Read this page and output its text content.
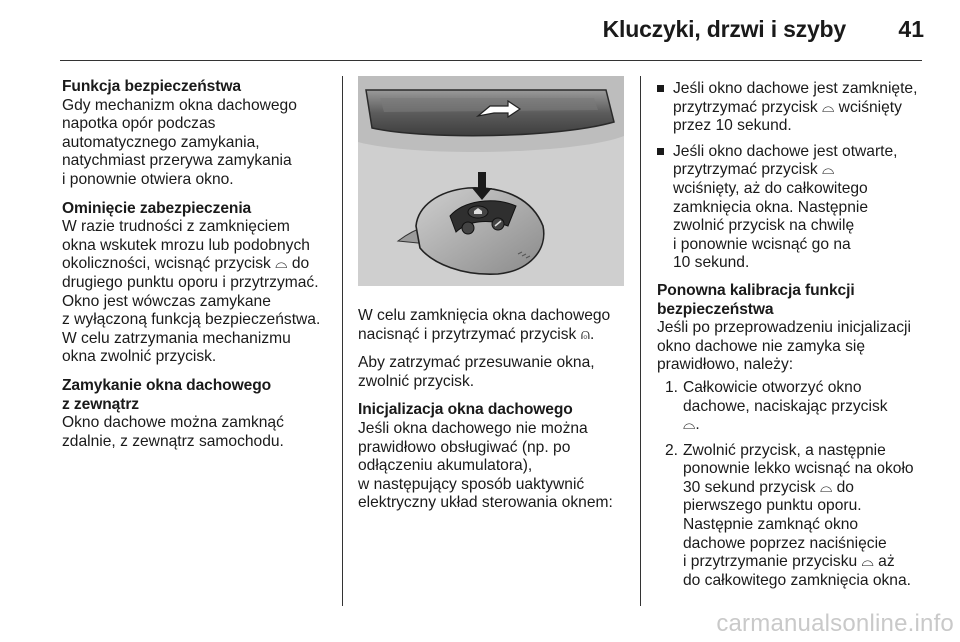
Kluczyki, drzwi i szyby 41
Funkcja bezpieczeństwa
Gdy mechanizm okna dachowego
napotka opór podczas
automatycznego zamykania,
natychmiast przerywa zamykania
i ponownie otwiera okno.
Ominięcie zabezpieczenia
W razie trudności z zamknięciem
okna wskutek mrozu lub podobnych
okoliczności, wcisnąć przycisk ⌓ do
drugiego punktu oporu i przytrzymać.
Okno jest wówczas zamykane
z wyłączoną funkcją bezpieczeństwa.
W celu zatrzymania mechanizmu
okna zwolnić przycisk.
Zamykanie okna dachowego
z zewnątrz
Okno dachowe można zamknąć
zdalnie, z zewnątrz samochodu.
W celu zamknięcia okna dachowego
nacisnąć i przytrzymać przycisk ⍝.
Aby zatrzymać przesuwanie okna,
zwolnić przycisk.
Inicjalizacja okna dachowego
Jeśli okna dachowego nie można
prawidłowo obsługiwać (np. po
odłączeniu akumulatora),
w następujący sposób uaktywnić
elektryczny układ sterowania oknem:
Jeśli okno dachowe jest zamknięte,
przytrzymać przycisk ⌓ wciśnięty
przez 10 sekund.
Jeśli okno dachowe jest otwarte,
przytrzymać przycisk ⌓
wciśnięty, aż do całkowitego
zamknięcia okna. Następnie
zwolnić przycisk na chwilę
i ponownie wcisnąć go na
10 sekund.
Ponowna kalibracja funkcji
bezpieczeństwa
Jeśli po przeprowadzeniu inicjalizacji
okno dachowe nie zamyka się
prawidłowo, należy:
1. Całkowicie otworzyć okno
dachowe, naciskając przycisk
⌓.
2. Zwolnić przycisk, a następnie
ponownie lekko wcisnąć na około
30 sekund przycisk ⌓ do
pierwszego punktu oporu.
Następnie zamknąć okno
dachowe poprzez naciśnięcie
i przytrzymanie przycisku ⌓ aż
do całkowitego zamknięcia okna.
carmanualsonline.info
